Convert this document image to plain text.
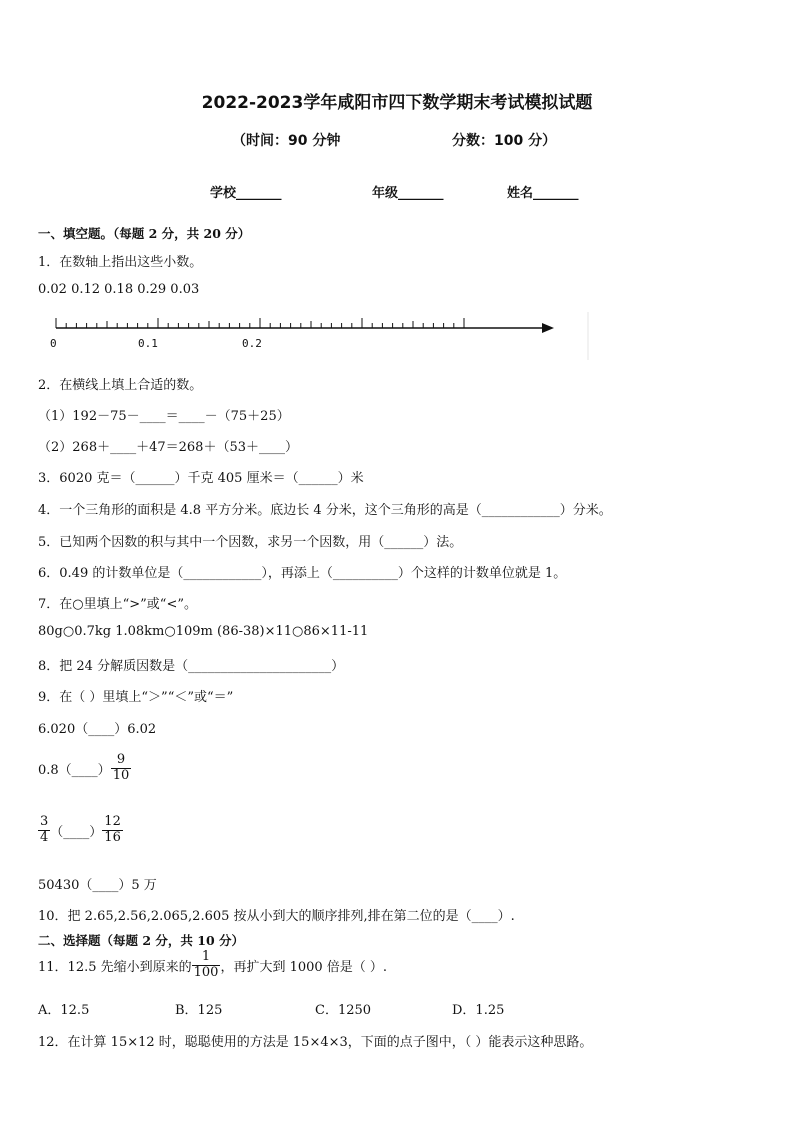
2022-2023学年咸阳市四下数学期末考试模拟试题
（时间：90 分钟	分数：100 分）
学校_______	年级_______	姓名_______
一、填空题。（每题 2 分，共 20 分）
1．在数轴上指出这些小数。
0.02 0.12 0.18 0.29 0.03
0	0.1	0.2
2．在横线上填上合适的数。
（1）192－75－____＝____－（75＋25）
（2）268＋____＋47＝268＋（53＋____）
3．6020 克＝（______）千克 405 厘米＝（______）米
4．一个三角形的面积是 4.8 平方分米。底边长 4 分米，这个三角形的高是（____________）分米。
5．已知两个因数的积与其中一个因数，求另一个因数，用（______）法。
6．0.49 的计数单位是（____________），再添上（__________）个这样的计数单位就是 1。
7．在○里填上“>”或“<”。
80g○0.7kg 1.08km○109m (86-38)×11○86×11-11
8．把 24 分解质因数是（______________________）
9．在（ ）里填上“＞”“＜”或“＝”
6.020（____）6.02
0.8（____） $\frac{9}{10}$
$\frac{3}{4}$ （____） $\frac{12}{16}$
50430（____）5 万
10．把 2.65,2.56,2.065,2.605 按从小到大的顺序排列,排在第二位的是（____）.
二、选择题（每题 2 分，共 10 分）
11．12.5 先缩小到原来的 $\frac{1}{100}$ ，再扩大到 1000 倍是（ ）.
A．12.5	B．125	C．1250	D．1.25
12．在计算 15×12 时，聪聪使用的方法是 15×4×3，下面的点子图中，（ ）能表示这种思路。
